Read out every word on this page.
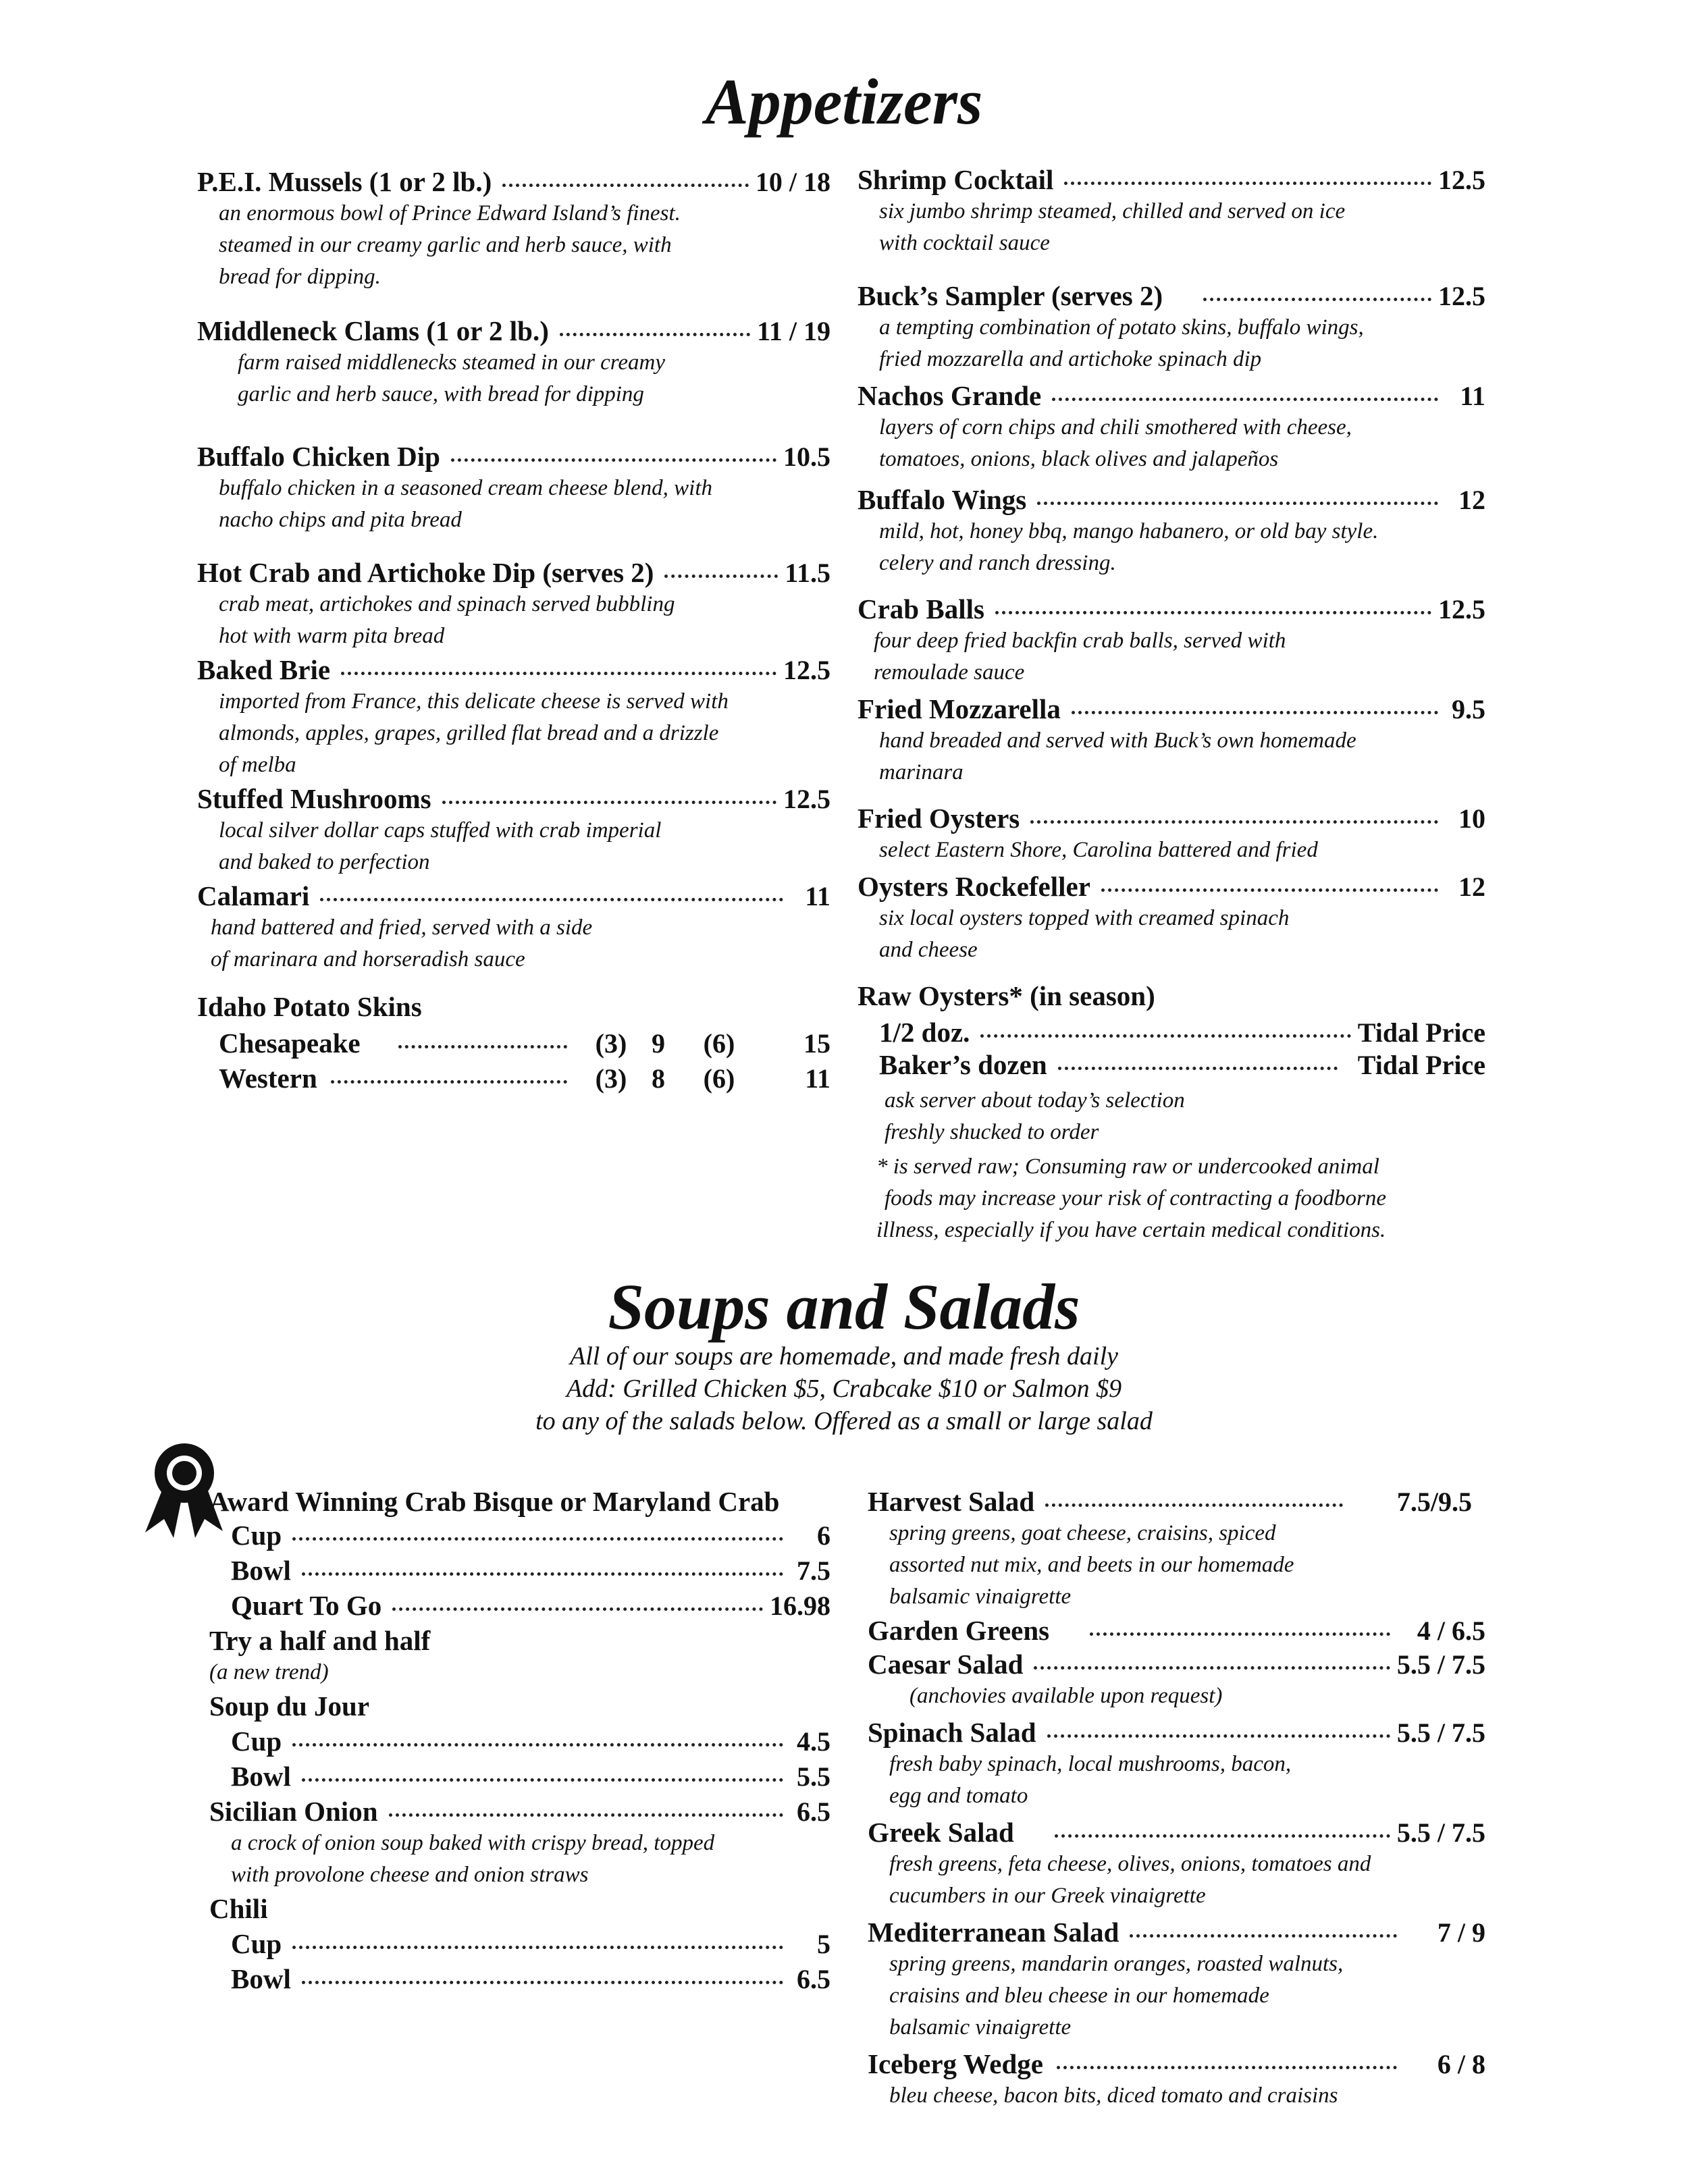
Appetizers
P.E.I. Mussels (1 or 2 lb.)	10 / 18
an enormous bowl of Prince Edward Island’s finest.
steamed in our creamy garlic and herb sauce, with
bread for dipping.
Middleneck Clams (1 or 2 lb.)	11 / 19
farm raised middlenecks steamed in our creamy
garlic and herb sauce, with bread for dipping
Buffalo Chicken Dip	10.5
buffalo chicken in a seasoned cream cheese blend, with
nacho chips and pita bread
Hot Crab and Artichoke Dip (serves 2)	11.5
crab meat, artichokes and spinach served bubbling
hot with warm pita bread
Baked Brie	12.5
imported from France, this delicate cheese is served with
almonds, apples, grapes, grilled flat bread and a drizzle
of melba
Stuffed Mushrooms	12.5
local silver dollar caps stuffed with crab imperial
and baked to perfection
Calamari	11
hand battered and fried, served with a side
of marinara and horseradish sauce
Idaho Potato Skins
Chesapeake	(3) 9	(6)	15
Western	(3) 8	(6)	11
Shrimp Cocktail	12.5
six jumbo shrimp steamed, chilled and served on ice
with cocktail sauce
Buck’s Sampler (serves 2)	12.5
a tempting combination of potato skins, buffalo wings,
fried mozzarella and artichoke spinach dip
Nachos Grande	11
layers of corn chips and chili smothered with cheese,
tomatoes, onions, black olives and jalapeños
Buffalo Wings	12
mild, hot, honey bbq, mango habanero, or old bay style.
celery and ranch dressing.
Crab Balls	12.5
four deep fried backfin crab balls, served with
remoulade sauce
Fried Mozzarella	9.5
hand breaded and served with Buck’s own homemade
marinara
Fried Oysters	10
select Eastern Shore, Carolina battered and fried
Oysters Rockefeller	12
six local oysters topped with creamed spinach
and cheese
Raw Oysters* (in season)
1/2 doz.	Tidal Price
Baker’s dozen	Tidal Price
ask server about today’s selection
freshly shucked to order
* is served raw; Consuming raw or undercooked animal
foods may increase your risk of contracting a foodborne
illness, especially if you have certain medical conditions.
Soups and Salads
All of our soups are homemade, and made fresh daily
Add: Grilled Chicken $5, Crabcake $10 or Salmon $9
to any of the salads below. Offered as a small or large salad
Award Winning Crab Bisque or Maryland Crab
Cup	6
Bowl	7.5
Quart To Go	16.98
Try a half and half
(a new trend)
Soup du Jour
Cup	4.5
Bowl	5.5
Sicilian Onion	6.5
a crock of onion soup baked with crispy bread, topped
with provolone cheese and onion straws
Chili
Cup	5
Bowl	6.5
Harvest Salad	7.5/9.5
spring greens, goat cheese, craisins, spiced
assorted nut mix, and beets in our homemade
balsamic vinaigrette
Garden Greens	4 / 6.5
Caesar Salad	5.5 / 7.5
(anchovies available upon request)
Spinach Salad	5.5 / 7.5
fresh baby spinach, local mushrooms, bacon,
egg and tomato
Greek Salad	5.5 / 7.5
fresh greens, feta cheese, olives, onions, tomatoes and
cucumbers in our Greek vinaigrette
Mediterranean Salad	7 / 9
spring greens, mandarin oranges, roasted walnuts,
craisins and bleu cheese in our homemade
balsamic vinaigrette
Iceberg Wedge	6 / 8
bleu cheese, bacon bits, diced tomato and craisins
